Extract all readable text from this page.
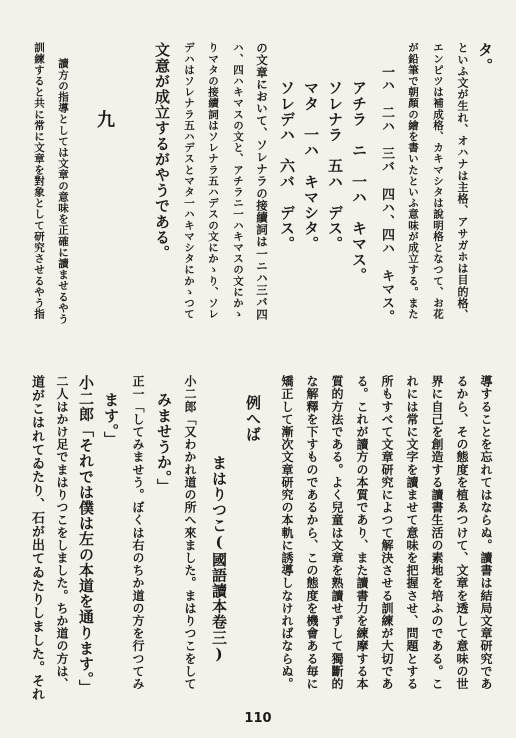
タ。
といふ文が生れ、オハナは主格、アサガホは目的格、
エンピツは補成格、カキマシタは說明格となつて、お花
が鉛筆で朝顏の繪を書いたといふ意味が成立する。また
一ハ　二ハ　三バ　四ハ、四ハ　キマス。
アチラ　ニ　一ハ　キマス。
ソレナラ　五ハ　デス。
マタ　一ハ　キマシタ。
ソレデハ　六バ　デス。
の文章において、ソレナラの接續詞は一ニハ三バ四
ハ、四ハキマスの文と、アチラニ一ハキマスの文にかゝ
りマタの接續詞はソレナラ五ハデスの文にかゝり、ソレ
デハはソレナラ五ハデスとマタ一ハキマシタにかゝつて
文意が成立するがやうである。
九
讀方の指導としては文章の意味を正確に讀ませるやう
訓練すると共に常に文章を對象として研究させるやう指
導することを忘れてはならぬ。讀書は結局文章研究であ
るから、その態度を植ゑつけて、文章を透して意味の世
界に自己を創造する讀書生活の素地を培ふのである。こ
れには常に文字を讀ませて意味を把握させ、問題とする
所もすべて文章研究によつて解決させる訓練が大切であ
る。これが讀方の本質であり、また讀書力を練摩する本
質的方法である。よく兒童は文章を熟讀せずして獨斷的
な解釋を下すものであるから、この態度を機會ある毎に
矯正して漸次文章研究の本軌に誘導しなければならぬ。
例へば
まはりつこ(國語讀本卷三)
小二郎「又わかれ道の所へ來ました。まはりつこをして
みませうか。」
正一「してみませう。ぼくは右のちか道の方を行つてみ
ます。」
小二郎「それでは僕は左の本道を通ります。」
二人はかけ足でまはりつこをしました。ちか道の方は、
道がこはれてゐたり、石が出てゐたりしました。それ
110
